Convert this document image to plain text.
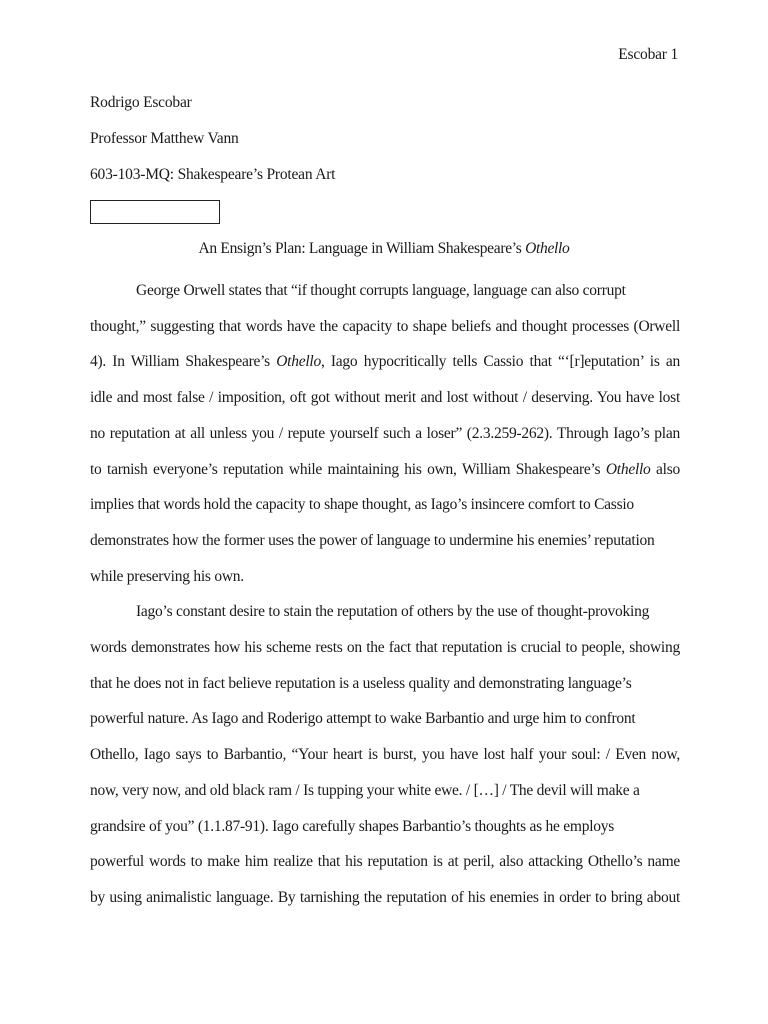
Escobar 1
Rodrigo Escobar
Professor Matthew Vann
603-103-MQ: Shakespeare’s Protean Art
An Ensign’s Plan: Language in William Shakespeare’s Othello
George Orwell states that “if thought corrupts language, language can also corrupt
thought,” suggesting that words have the capacity to shape beliefs and thought processes (Orwell
4). In William Shakespeare’s Othello, Iago hypocritically tells Cassio that “‘[r]eputation’ is an
idle and most false / imposition, oft got without merit and lost without / deserving. You have lost
no reputation at all unless you / repute yourself such a loser” (2.3.259-262). Through Iago’s plan
to tarnish everyone’s reputation while maintaining his own, William Shakespeare’s Othello also
implies that words hold the capacity to shape thought, as Iago’s insincere comfort to Cassio
demonstrates how the former uses the power of language to undermine his enemies’ reputation
while preserving his own.
Iago’s constant desire to stain the reputation of others by the use of thought-provoking
words demonstrates how his scheme rests on the fact that reputation is crucial to people, showing
that he does not in fact believe reputation is a useless quality and demonstrating language’s
powerful nature. As Iago and Roderigo attempt to wake Barbantio and urge him to confront
Othello, Iago says to Barbantio, “Your heart is burst, you have lost half your soul: / Even now,
now, very now, and old black ram / Is tupping your white ewe. / […] / The devil will make a
grandsire of you” (1.1.87-91). Iago carefully shapes Barbantio’s thoughts as he employs
powerful words to make him realize that his reputation is at peril, also attacking Othello’s name
by using animalistic language. By tarnishing the reputation of his enemies in order to bring about
